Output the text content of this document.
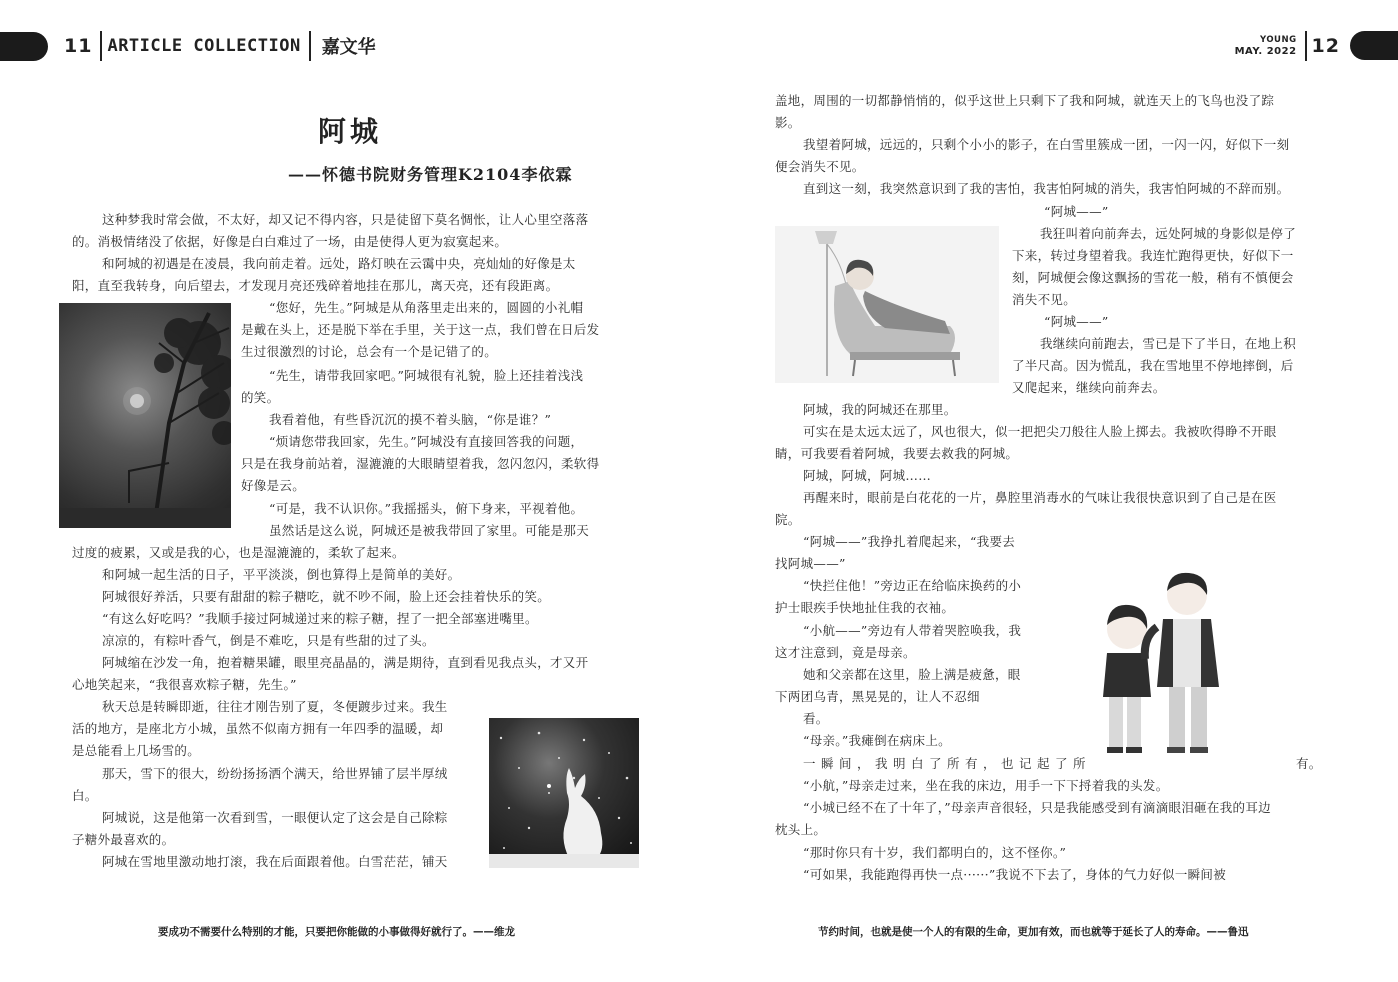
11 ARTICLE COLLECTION 嘉文华	YOUNG
MAY. 2022 12
阿城
——怀德书院财务管理K2104李依霖
这种梦我时常会做，不太好，却又记不得内容，只是徒留下莫名惆怅，让人心里空落落
的。消极情绪没了依据，好像是白白难过了一场，由是使得人更为寂寞起来。
和阿城的初遇是在凌晨，我向前走着。远处，路灯映在云霭中央，亮灿灿的好像是太
阳，直至我转身，向后望去，才发现月亮还残碎着地挂在那儿，离天亮，还有段距离。
“您好，先生。”阿城是从角落里走出来的，圆圆的小礼帽
是戴在头上，还是脱下举在手里，关于这一点，我们曾在日后发
生过很激烈的讨论，总会有一个是记错了的。
“先生，请带我回家吧。”阿城很有礼貌，脸上还挂着浅浅
的笑。
我看着他，有些昏沉沉的摸不着头脑，“你是谁？”
“烦请您带我回家，先生。”阿城没有直接回答我的问题，
只是在我身前站着，湿漉漉的大眼睛望着我，忽闪忽闪，柔软得
好像是云。
“可是，我不认识你。”我摇摇头，俯下身来，平视着他。
虽然话是这么说，阿城还是被我带回了家里。可能是那天
过度的疲累，又或是我的心，也是湿漉漉的，柔软了起来。
和阿城一起生活的日子，平平淡淡，倒也算得上是简单的美好。
阿城很好养活，只要有甜甜的粽子糖吃，就不吵不闹，脸上还会挂着快乐的笑。
“有这么好吃吗？”我顺手接过阿城递过来的粽子糖，捏了一把全部塞进嘴里。
凉凉的，有粽叶香气，倒是不难吃，只是有些甜的过了头。
阿城缩在沙发一角，抱着糖果罐，眼里亮晶晶的，满是期待，直到看见我点头，才又开
心地笑起来，“我很喜欢粽子糖，先生。”
秋天总是转瞬即逝，往往才刚告别了夏，冬便踱步过来。我生
活的地方，是座北方小城，虽然不似南方拥有一年四季的温暖，却
是总能看上几场雪的。
那天，雪下的很大，纷纷扬扬洒个满天，给世界铺了层半厚绒
白。
阿城说，这是他第一次看到雪，一眼便认定了这会是自己除粽
子糖外最喜欢的。
阿城在雪地里激动地打滚，我在后面跟着他。白雪茫茫，铺天
盖地，周围的一切都静悄悄的，似乎这世上只剩下了我和阿城，就连天上的飞鸟也没了踪
影。
我望着阿城，远远的，只剩个小小的影子，在白雪里簇成一团，一闪一闪，好似下一刻
便会消失不见。
直到这一刻，我突然意识到了我的害怕，我害怕阿城的消失，我害怕阿城的不辞而别。
“阿城——”
我狂叫着向前奔去，远处阿城的身影似是停了
下来，转过身望着我。我连忙跑得更快，好似下一
刻，阿城便会像这飘扬的雪花一般，稍有不慎便会
消失不见。
“阿城——”
我继续向前跑去，雪已是下了半日，在地上积
了半尺高。因为慌乱，我在雪地里不停地摔倒，后
又爬起来，继续向前奔去。
阿城，我的阿城还在那里。
可实在是太远太远了，风也很大，似一把把尖刀般往人脸上掷去。我被吹得睁不开眼
睛，可我要看着阿城，我要去救我的阿城。
阿城，阿城，阿城……
再醒来时，眼前是白花花的一片，鼻腔里消毒水的气味让我很快意识到了自己是在医
院。
“阿城——”我挣扎着爬起来，“我要去
找阿城——”
“快拦住他！”旁边正在给临床换药的小
护士眼疾手快地扯住我的衣袖。
“小航——”旁边有人带着哭腔唤我，我
这才注意到，竟是母亲。
她和父亲都在这里，脸上满是疲惫，眼
下两团乌青，黑晃晃的，让人不忍细
看。
“母亲。”我瘫倒在病床上。
一瞬间，我明白了所有，也记起了所	有。
“小航，”母亲走过来，坐在我的床边，用手一下下捋着我的头发。
“小城已经不在了十年了，”母亲声音很轻，只是我能感受到有滴滴眼泪砸在我的耳边
枕头上。
“那时你只有十岁，我们都明白的，这不怪你。”
“可如果，我能跑得再快一点······”我说不下去了，身体的气力好似一瞬间被
要成功不需要什么特别的才能，只要把你能做的小事做得好就行了。——维龙	节约时间，也就是使一个人的有限的生命，更加有效，而也就等于延长了人的寿命。——鲁迅
